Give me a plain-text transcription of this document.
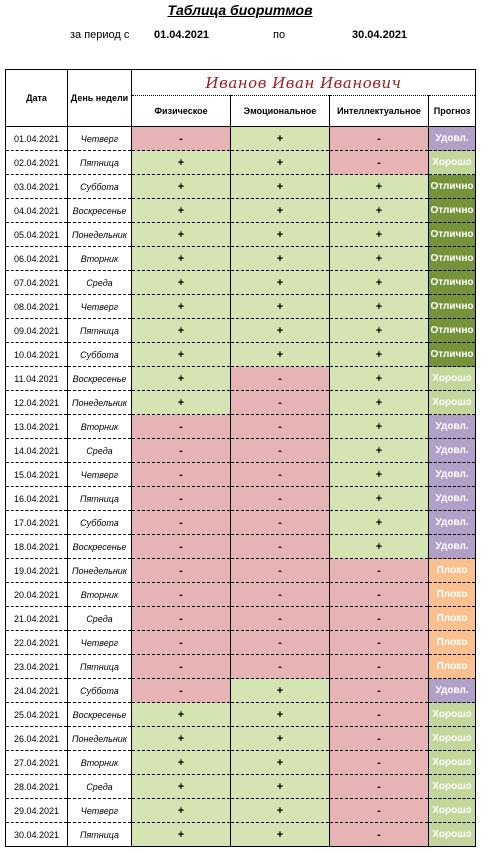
Таблица биоритмов
за период с 01.04.2021	по	30.04.2021
Дата	День недели	Иванов Иван Иванович			
		Физическое	Эмоциональное	Интеллектуальное	Прогноз
01.04.2021	Четверг	-	+	-	Удовл.
02.04.2021	Пятница	+	+	-	Хорошо
03.04.2021	Суббота	+	+	+	Отлично
04.04.2021	Воскресенье	+	+	+	Отлично
05.04.2021	Понедельник	+	+	+	Отлично
06.04.2021	Вторник	+	+	+	Отлично
07.04.2021	Среда	+	+	+	Отлично
08.04.2021	Четверг	+	+	+	Отлично
09.04.2021	Пятница	+	+	+	Отлично
10.04.2021	Суббота	+	+	+	Отлично
11.04.2021	Воскресенье	+	-	+	Хорошо
12.04.2021	Понедельник	+	-	+	Хорошо
13.04.2021	Вторник	-	-	+	Удовл.
14.04.2021	Среда	-	-	+	Удовл.
15.04.2021	Четверг	-	-	+	Удовл.
16.04.2021	Пятница	-	-	+	Удовл.
17.04.2021	Суббота	-	-	+	Удовл.
18.04.2021	Воскресенье	-	-	+	Удовл.
19.04.2021	Понедельник	-	-	-	Плохо
20.04.2021	Вторник	-	-	-	Плохо
21.04.2021	Среда	-	-	-	Плохо
22.04.2021	Четверг	-	-	-	Плохо
23.04.2021	Пятница	-	-	-	Плохо
24.04.2021	Суббота	-	+	-	Удовл.
25.04.2021	Воскресенье	+	+	-	Хорошо
26.04.2021	Понедельник	+	+	-	Хорошо
27.04.2021	Вторник	+	+	-	Хорошо
28.04.2021	Среда	+	+	-	Хорошо
29.04.2021	Четверг	+	+	-	Хорошо
30.04.2021	Пятница	+	+	-	Хорошо
